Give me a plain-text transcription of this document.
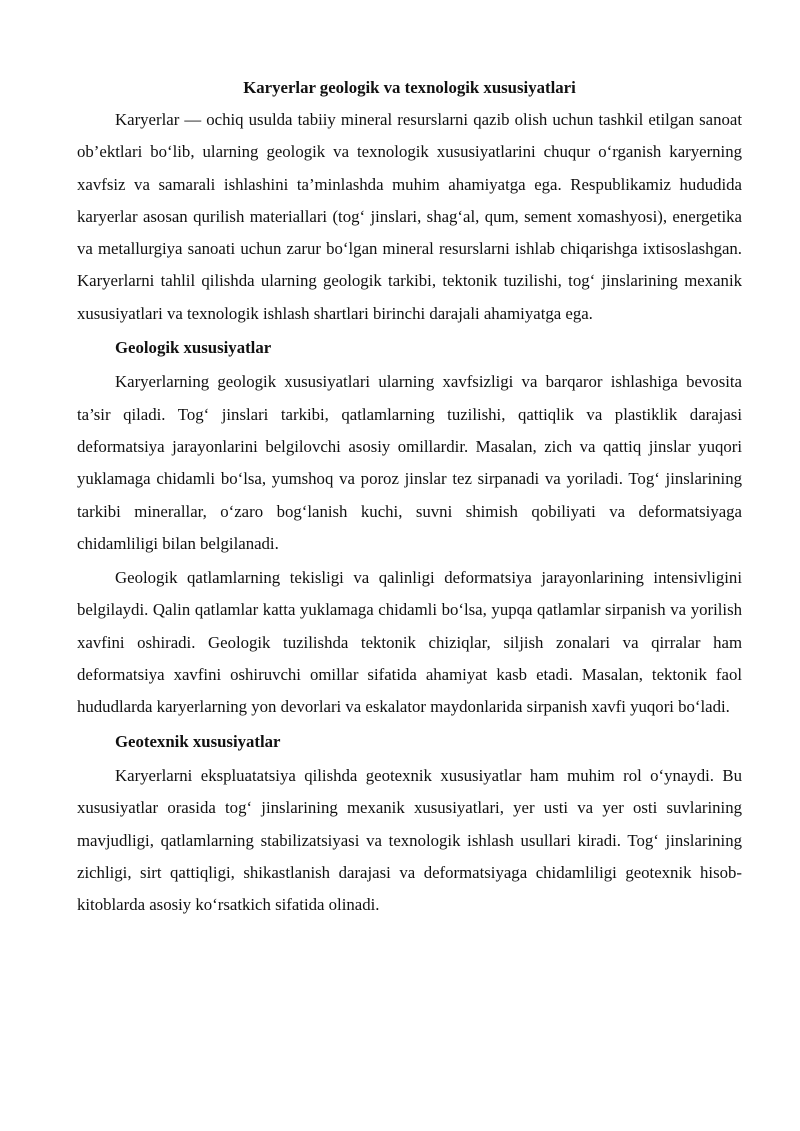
Karyerlar geologik va texnologik xususiyatlari

Karyerlar — ochiq usulda tabiiy mineral resurslarni qazib olish uchun tashkil etilgan sanoat ob’ektlari bo‘lib, ularning geologik va texnologik xususiyatlarini chuqur o‘rganish karyerning xavfsiz va samarali ishlashini ta’minlashda muhim ahamiyatga ega. Respublikamiz hududida karyerlar asosan qurilish materiallari (tog‘ jinslari, shag‘al, qum, sement xomashyosi), energetika va metallurgiya sanoati uchun zarur bo‘lgan mineral resurslarni ishlab chiqarishga ixtisoslashgan. Karyerlarni tahlil qilishda ularning geologik tarkibi, tektonik tuzilishi, tog‘ jinslarining mexanik xususiyatlari va texnologik ishlash shartlari birinchi darajali ahamiyatga ega.

Geologik xususiyatlar

Karyerlarning geologik xususiyatlari ularning xavfsizligi va barqaror ishlashiga bevosita ta’sir qiladi. Tog‘ jinslari tarkibi, qatlamlarning tuzilishi, qattiqlik va plastiklik darajasi deformatsiya jarayonlarini belgilovchi asosiy omillardir. Masalan, zich va qattiq jinslar yuqori yuklamaga chidamli bo‘lsa, yumshoq va poroz jinslar tez sirpanadi va yoriladi. Tog‘ jinslarining tarkibi minerallar, o‘zaro bog‘lanish kuchi, suvni shimish qobiliyati va deformatsiyaga chidamliligi bilan belgilanadi.

Geologik qatlamlarning tekisligi va qalinligi deformatsiya jarayonlarining intensivligini belgilaydi. Qalin qatlamlar katta yuklamaga chidamli bo‘lsa, yupqa qatlamlar sirpanish va yorilish xavfini oshiradi. Geologik tuzilishda tektonik chiziqlar, siljish zonalari va qirralar ham deformatsiya xavfini oshiruvchi omillar sifatida ahamiyat kasb etadi. Masalan, tektonik faol hududlarda karyerlarning yon devorlari va eskalator maydonlarida sirpanish xavfi yuqori bo‘ladi.

Geotexnik xususiyatlar

Karyerlarni ekspluatatsiya qilishda geotexnik xususiyatlar ham muhim rol o‘ynaydi. Bu xususiyatlar orasida tog‘ jinslarining mexanik xususiyatlari, yer usti va yer osti suvlarining mavjudligi, qatlamlarning stabilizatsiyasi va texnologik ishlash usullari kiradi. Tog‘ jinslarining zichligi, sirt qattiqligi, shikastlanish darajasi va deformatsiyaga chidamliligi geotexnik hisob-kitoblarda asosiy ko‘rsatkich sifatida olinadi.
